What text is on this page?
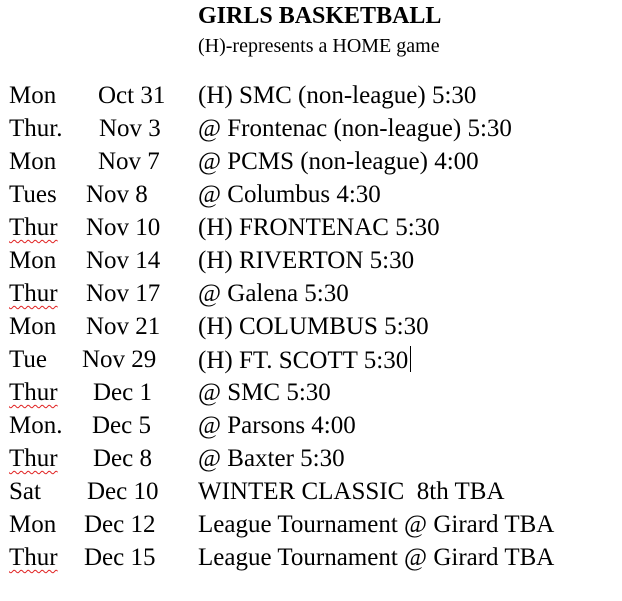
GIRLS BASKETBALL
(H)-represents a HOME game
Mon Oct 31 (H) SMC (non-league) 5:30
Thur. Nov 3 @ Frontenac (non-league) 5:30
Mon Nov 7 @ PCMS (non-league) 4:00
Tues Nov 8 @ Columbus 4:30
Thur Nov 10 (H) FRONTENAC 5:30
Mon Nov 14 (H) RIVERTON 5:30
Thur Nov 17 @ Galena 5:30
Mon Nov 21 (H) COLUMBUS 5:30
Tue Nov 29 (H) FT. SCOTT 5:30
Thur Dec 1 @ SMC 5:30
Mon. Dec 5 @ Parsons 4:00
Thur Dec 8 @ Baxter 5:30
Sat Dec 10 WINTER CLASSIC  8th TBA
Mon Dec 12 League Tournament @ Girard TBA
Thur Dec 15 League Tournament @ Girard TBA
